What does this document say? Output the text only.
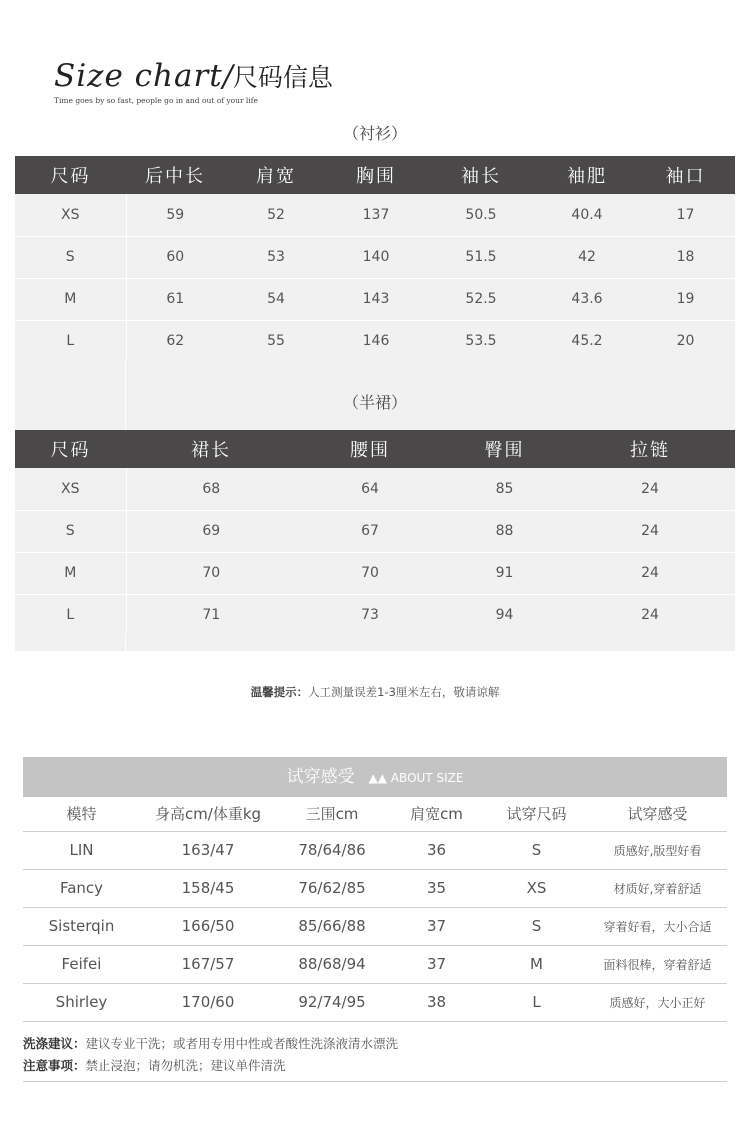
Size chart / 尺码信息
Time goes by so fast, people go in and out of your life
（衬衫）
尺码	后中长	肩宽	胸围	袖长	袖肥	袖口
XS	59	52	137	50.5	40.4	17
S	60	53	140	51.5	42	18
M	61	54	143	52.5	43.6	19
L	62	55	146	53.5	45.2	20
（半裙）
尺码	裙长	腰围	臀围	拉链
XS	68	64	85	24
S	69	67	88	24
M	70	70	91	24
L	71	73	94	24
温馨提示：人工测量误差1-3厘米左右，敬请谅解
试穿感受 ▲▲ ABOUT SIZE
模特	身高cm/体重kg	三围cm	肩宽cm	试穿尺码	试穿感受
LIN	163/47	78/64/86	36	S	质感好,版型好看
Fancy	158/45	76/62/85	35	XS	材质好,穿着舒适
Sisterqin	166/50	85/66/88	37	S	穿着好看，大小合适
Feifei	167/57	88/68/94	37	M	面料很棒，穿着舒适
Shirley	170/60	92/74/95	38	L	质感好，大小正好
洗涤建议：建议专业干洗；或者用专用中性或者酸性洗涤液清水漂洗
注意事项：禁止浸泡；请勿机洗；建议单件清洗
